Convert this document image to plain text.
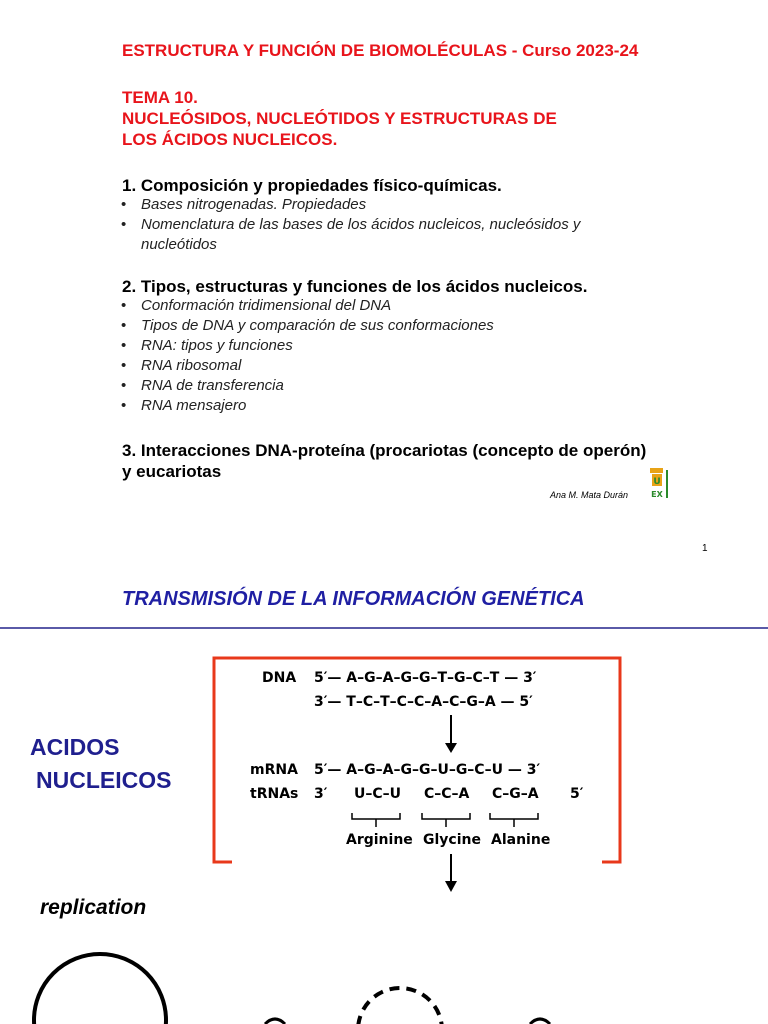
ESTRUCTURA Y FUNCIÓN DE BIOMOLÉCULAS - Curso 2023-24
TEMA 10.
NUCLEÓSIDOS, NUCLEÓTIDOS Y ESTRUCTURAS DE
LOS ÁCIDOS NUCLEICOS.
1. Composición y propiedades físico-químicas.
• Bases nitrogenadas. Propiedades
• Nomenclatura de las bases de los ácidos nucleicos, nucleósidos y
nucleótidos
2. Tipos, estructuras y funciones de los ácidos nucleicos.
• Conformación tridimensional del DNA
• Tipos de DNA y comparación de sus conformaciones
• RNA: tipos y funciones
• RNA ribosomal
• RNA de transferencia
• RNA mensajero
3. Interacciones DNA-proteína (procariotas (concepto de operón)
y eucariotas
Ana M. Mata Durán
U
EX
1
TRANSMISIÓN DE LA INFORMACIÓN GENÉTICA
ACIDOS
NUCLEICOS
DNA 5′— A–G–A–G–G–T–G–C–T — 3′
3′— T–C–T–C–C–A–C–G–A — 5′
mRNA 5′— A–G–A–G–G–U–G–C–U — 3′
tRNAs 3′ U–C–U C–C–A C–G–A 5′
Arginine Glycine Alanine
replication
